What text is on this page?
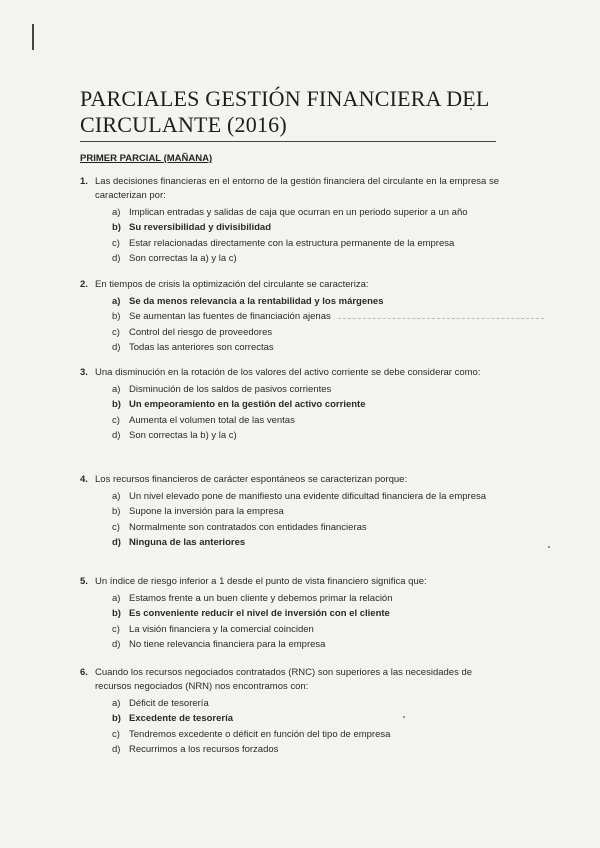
PARCIALES GESTIÓN FINANCIERA DEL CIRCULANTE (2016)
PRIMER PARCIAL (MAÑANA)
1. Las decisiones financieras en el entorno de la gestión financiera del circulante en la empresa se caracterizan por:
a) Implican entradas y salidas de caja que ocurran en un periodo superior a un año
b) Su reversibilidad y divisibilidad
c) Estar relacionadas directamente con la estructura permanente de la empresa
d) Son correctas la a) y la c)
2. En tiempos de crisis la optimización del circulante se caracteriza:
a) Se da menos relevancia a la rentabilidad y los márgenes
b) Se aumentan las fuentes de financiación ajenas
c) Control del riesgo de proveedores
d) Todas las anteriores son correctas
3. Una disminución en la rotación de los valores del activo corriente se debe considerar como:
a) Disminución de los saldos de pasivos corrientes
b) Un empeoramiento en la gestión del activo corriente
c) Aumenta el volumen total de las ventas
d) Son correctas la b) y la c)
4. Los recursos financieros de carácter espontáneos se caracterizan porque:
a) Un nivel elevado pone de manifiesto una evidente dificultad financiera de la empresa
b) Supone la inversión para la empresa
c) Normalmente son contratados con entidades financieras
d) Ninguna de las anteriores
5. Un índice de riesgo inferior a 1 desde el punto de vista financiero significa que:
a) Estamos frente a un buen cliente y debemos primar la relación
b) Es conveniente reducir el nivel de inversión con el cliente
c) La visión financiera y la comercial coinciden
d) No tiene relevancia financiera para la empresa
6. Cuando los recursos negociados contratados (RNC) son superiores a las necesidades de recursos negociados (NRN) nos encontramos con:
a) Déficit de tesorería
b) Excedente de tesorería
c) Tendremos excedente o déficit en función del tipo de empresa
d) Recurrimos a los recursos forzados
